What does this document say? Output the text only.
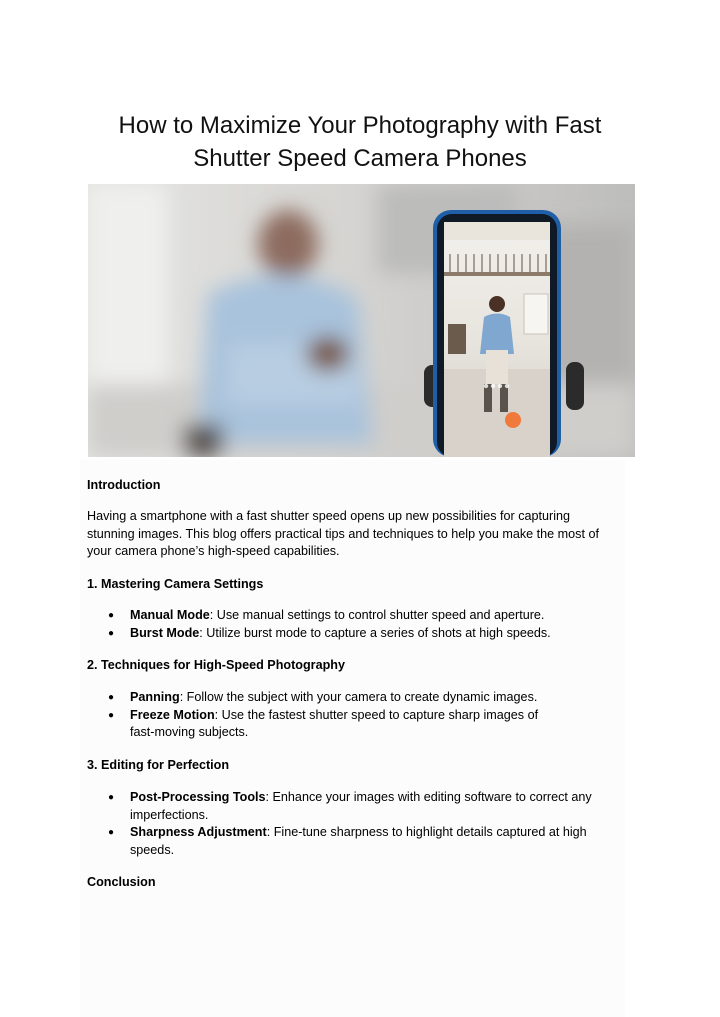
How to Maximize Your Photography with Fast
Shutter Speed Camera Phones
Introduction
Having a smartphone with a fast shutter speed opens up new possibilities for capturing
stunning images. This blog offers practical tips and techniques to help you make the most of
your camera phone’s high-speed capabilities.
1. Mastering Camera Settings
● Manual Mode: Use manual settings to control shutter speed and aperture.
● Burst Mode: Utilize burst mode to capture a series of shots at high speeds.
2. Techniques for High-Speed Photography
● Panning: Follow the subject with your camera to create dynamic images.
● Freeze Motion: Use the fastest shutter speed to capture sharp images of
fast-moving subjects.
3. Editing for Perfection
● Post-Processing Tools: Enhance your images with editing software to correct any
imperfections.
● Sharpness Adjustment: Fine-tune sharpness to highlight details captured at high
speeds.
Conclusion
